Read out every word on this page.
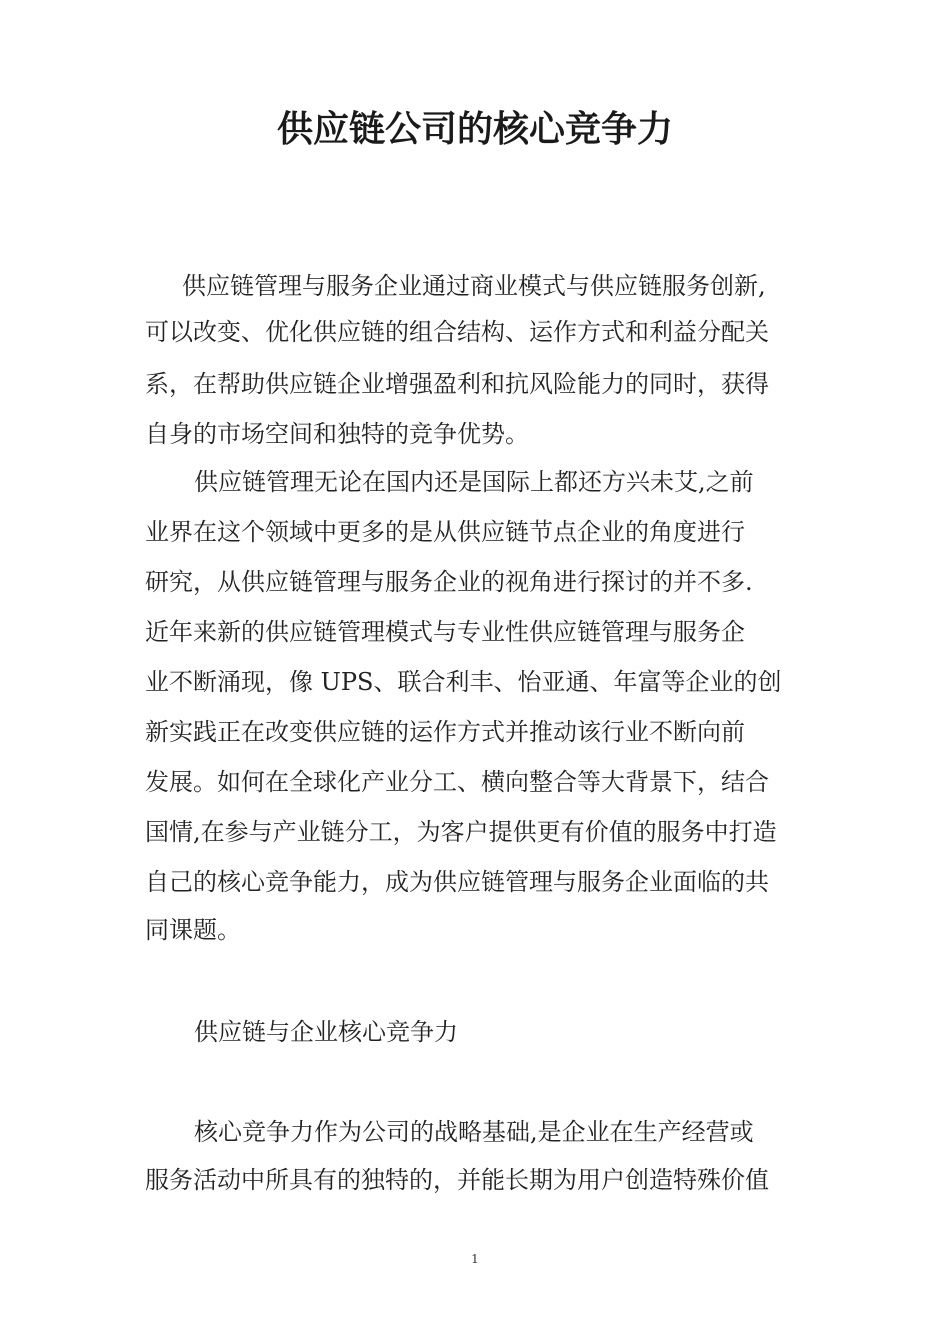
供应链公司的核心竞争力
供应链管理与服务企业通过商业模式与供应链服务创新,
可以改变、优化供应链的组合结构、运作方式和利益分配关
系，在帮助供应链企业增强盈利和抗风险能力的同时，获得
自身的市场空间和独特的竞争优势。
供应链管理无论在国内还是国际上都还方兴未艾,之前
业界在这个领域中更多的是从供应链节点企业的角度进行
研究，从供应链管理与服务企业的视角进行探讨的并不多.
近年来新的供应链管理模式与专业性供应链管理与服务企
业不断涌现，像 UPS、联合利丰、怡亚通、年富等企业的创
新实践正在改变供应链的运作方式并推动该行业不断向前
发展。如何在全球化产业分工、横向整合等大背景下，结合
国情,在参与产业链分工，为客户提供更有价值的服务中打造
自己的核心竞争能力，成为供应链管理与服务企业面临的共
同课题。
供应链与企业核心竞争力
核心竞争力作为公司的战略基础,是企业在生产经营或
服务活动中所具有的独特的，并能长期为用户创造特殊价值
1
